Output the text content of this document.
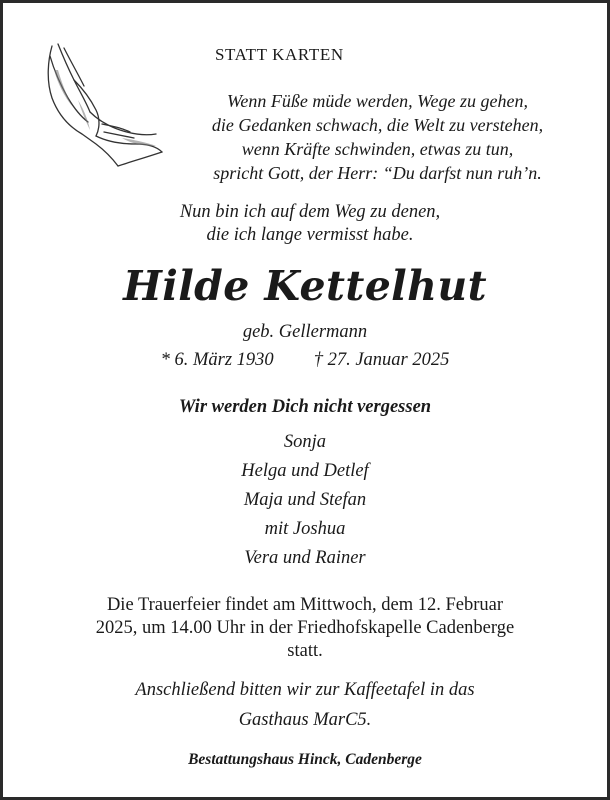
STATT KARTEN
Wenn Füße müde werden, Wege zu gehen,
die Gedanken schwach, die Welt zu verstehen,
wenn Kräfte schwinden, etwas zu tun,
spricht Gott, der Herr: “Du darfst nun ruh’n.
Nun bin ich auf dem Weg zu denen,
die ich lange vermisst habe.
Hilde Kettelhut
geb. Gellermann
* 6. März 1930 † 27. Januar 2025
Wir werden Dich nicht vergessen
Sonja
Helga und Detlef
Maja und Stefan
mit Joshua
Vera und Rainer
Die Trauerfeier findet am Mittwoch, dem 12. Februar
2025, um 14.00 Uhr in der Friedhofskapelle Cadenberge
statt.
Anschließend bitten wir zur Kaffeetafel in das
Gasthaus MarC5.
Bestattungshaus Hinck, Cadenberge
